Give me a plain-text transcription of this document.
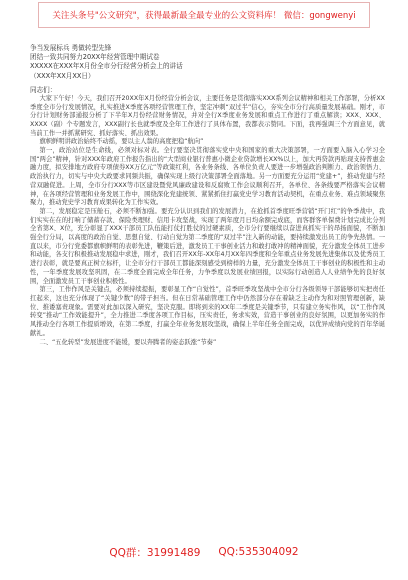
关注头条号"公文研究"，获得最新最全最专业的公文资料库！ 微信：gongwenyi
争当发展标兵 勇做转型先锋
团结一致共同努力20XX年经营管理中期试卷
XXXXX在XXX年X月份全市分行经营分析会上的讲话
（XXX年XX月XX日）
同志们：

大家下午好！今天，我们召开20XX年X月份经营分析会议，主要任务是贯彻落实XXX系列会议精神和相关工作部署，分析XX季度全市分行发展情况，扎实推进X季度各项经营管理工作，坚定冲刺“双过半”信心，夯实全市分行高质量发展基础。刚才，市分行计划财务部通报分析了下半年X月份经营财务情况，并对全行X季度业务发展和重点工作进行了重点解读；XXX、XXX、XXXX（副）个专题发言，XXX副行长也就季度及全年工作进行了具体布置，我都表示赞同。下面，我再强调三个方面意见，就当前工作一并抓紧研究、抓好落实、抓出效果。

旗帜鲜明讲政治始终不动摇，要以主人翁的高度把稳“航向”

第一，政治站位是生命线，必须对标对表。全行要坚决贯彻落实党中央和国家的重大决策部署，一方面要入脑入心学习全国“两会”精神，针对XXX年政府工作报告指出的“大型商业银行普惠小微企业贷款增长XX%以上，加大再贷款再贴现支持普惠金融力度，拟安排地方政府专项债券XX万亿元”等政策红利，各业务条线、各单位负责人要进一步增强政治判断力、政治领悟力、政治执行力，切实与中央大政要求同频共振，确保实现上级行决策部署全面落地。另一方面要充分运用“党建+”，推动党建与经营双融促进。上周，全市分行XXX等市区建设暨党风廉政建设和反腐败工作会议顺利召开，各单位、各条线要严格落实会议精神，在各项经营管理和业务发展工作中，围绕深化党建统领、紧紧抓住打赢党史学习教育活动契机，在重点业务、难点领域聚焦聚力，推动党史学习教育成果转化为工作实效。

第二，发展稳定是压舱石，必须不断加强。要充分认识到我们的发展潜力，在抢抓首季度旺季营销“开门红”的争季战中，我们实实在在的打响了储蓄存款、保险类理财、信用卡攻坚战，实现了两年度月日均余额完成底，而客群客单保费计划完成比分列全省第X、X位，充分彰显了XXX干部员工队伍能打仗打胜仗的过硬素质，全市分行要继续以奋进真抓实干的昂扬面貌，不断加强全行分局，以高度的政治自觉、思想自觉、行动自觉为第二季度的“双过半”注入新的动能，要持续激发出员工的争先热情。一直以来，市分行党委都旗帜鲜明的表彰先进，鞭策后进，激发员工干事创业活力和敢打敢冲的精神面貌，充分激发全体员工进步和动能，各支行积极推动发展稳中求进，刚才，我们召开XX年-XX年4月XX年四季度和全年重点业务发展先进集体以及优秀员工进行表彰，就是要真正树立标杆，让全市分行干部员工都能深刻感受到榜样的力量，充分激发全体员工干事创业的积极性和主动性，一年季度发展攻坚巩固，在二季度全面完成全年任务，力争季度以发展业绩回报，以实际行动创造人人业绩争先的良好氛围，全面激发员工干事创业积极性。

第三，工作作风是关键点，必须持续提振，要彰显工作“自觉性”，首季旺季攻坚战中全市分行各级领导干部能够切实把责任扛起来，这也充分体现了“关键少数”的带子担当。但在日常基础管理工作中仍然部分存在着缺乏主动作为和对照管理创新，缺位、推诿塞责现象。需要对此加以深入研究，坚决克服。即将到来的XX年二季度是关键季节，只有建立务实作风，以“工作作风转变”推动“工作效能提升”，全力推进二季度各项工作目标，压实责任，务求实效，营造干事创业的良好氛围，以更加务实的作风推动全行各项工作提质增效，在第二季度，打赢全年业务发展攻坚战，确保上半年任务全面完成，以优异成绩向党的百年华诞献礼。

二、“五化转型”发展进度不能缓，要以奔腾者的姿态跃涨“节奏”

QQ群：31991489 QQ:535304092
